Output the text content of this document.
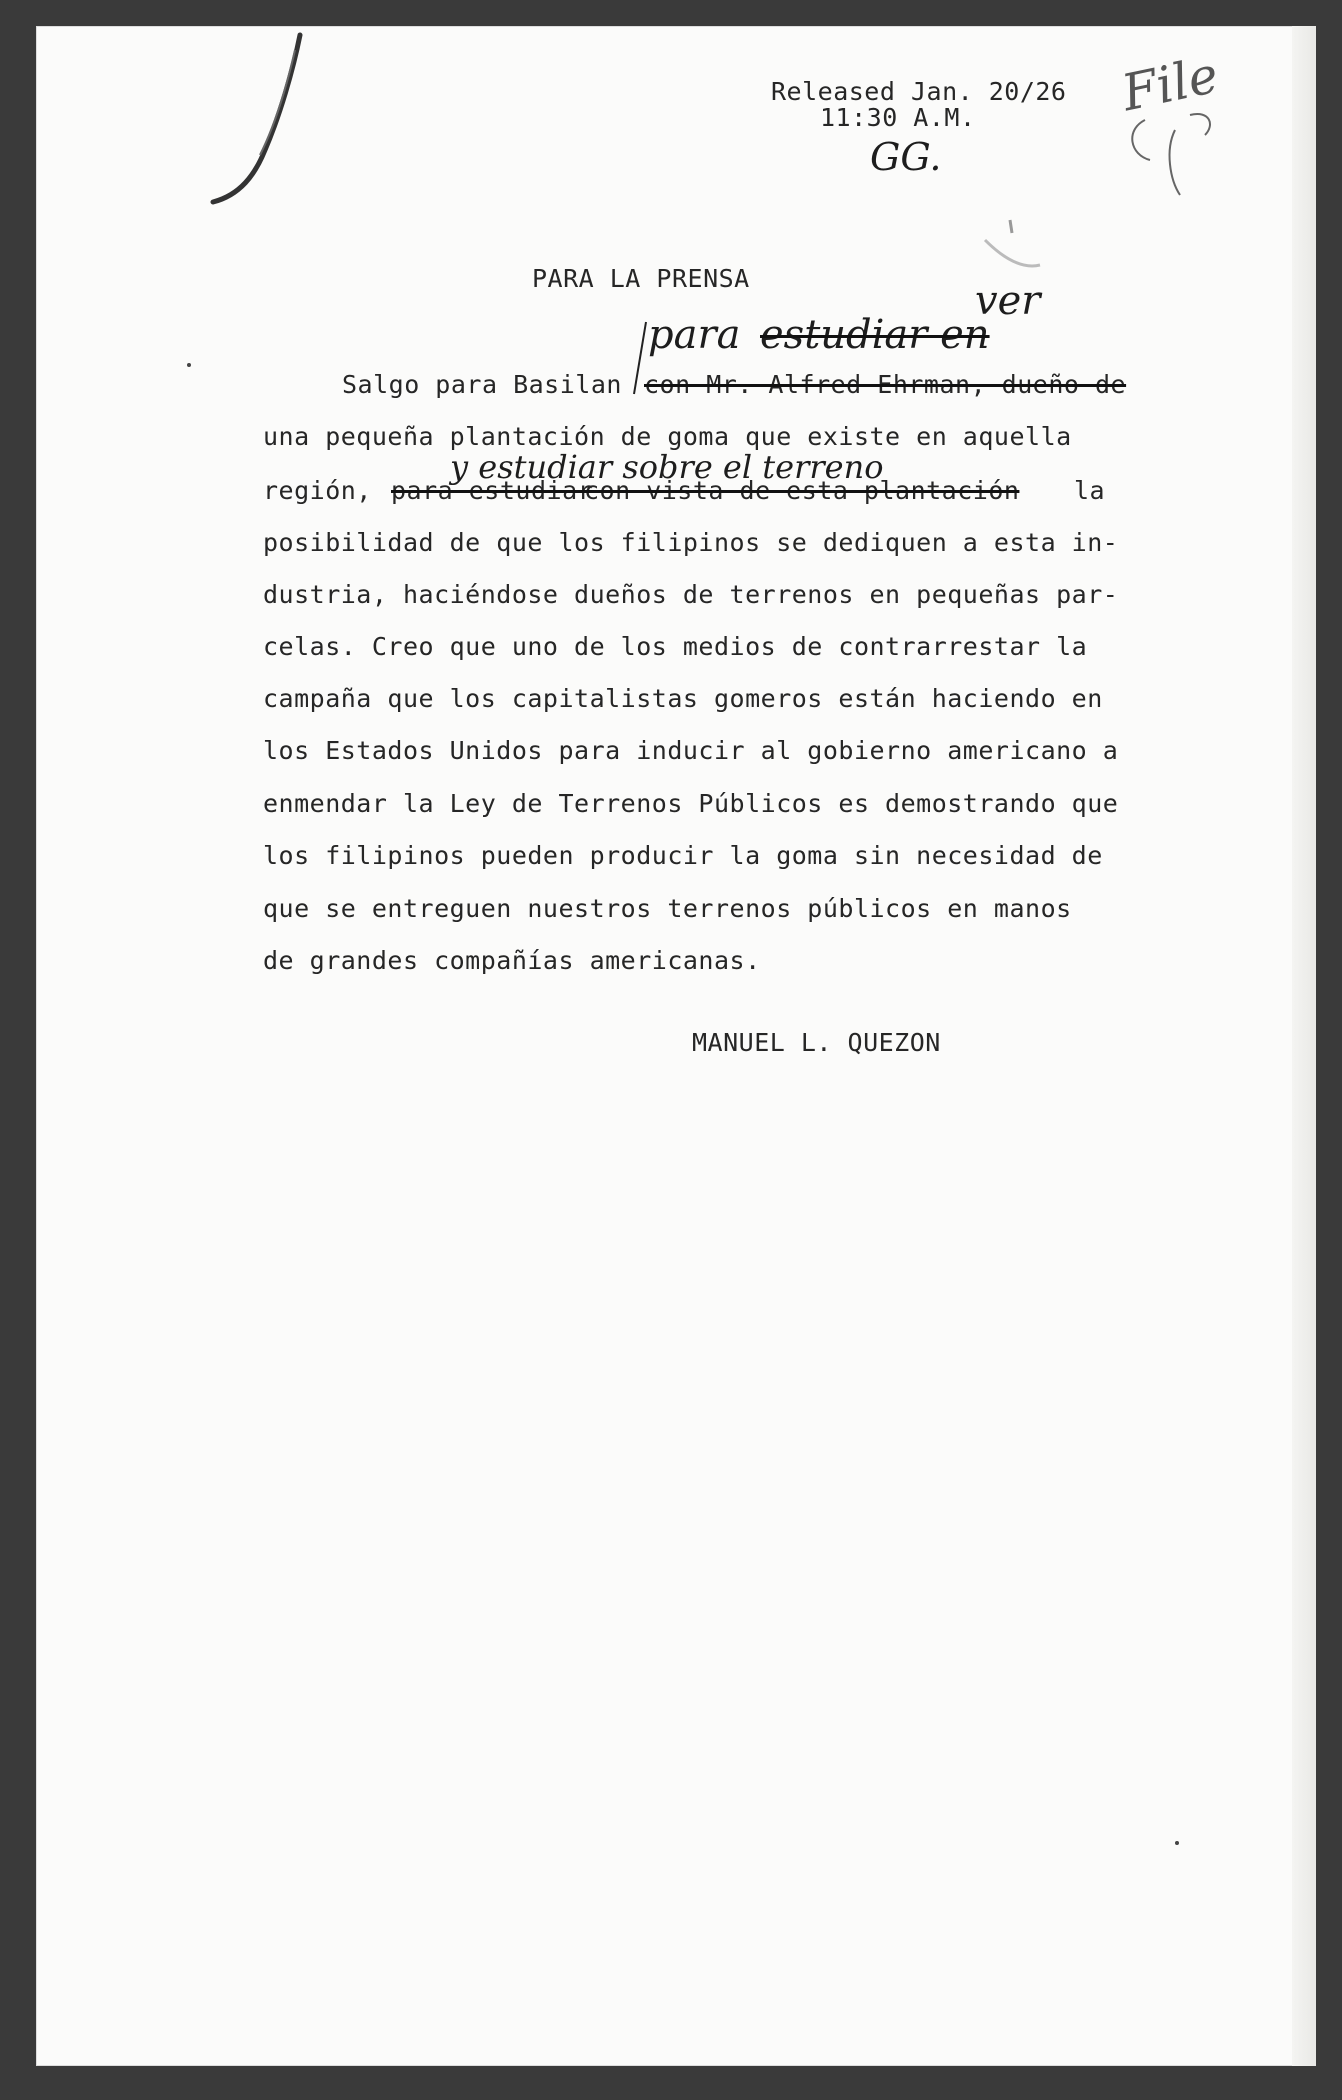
Released Jan. 20/26
11:30 A.M.
GG.
File
PARA LA PRENSA
para estudiar en
ver
Salgo para Basilan con Mr. Alfred Ehrman, dueño de
una pequeña plantación de goma que existe en aquella
y estudiar sobre el terreno
región, para estudiar
con vista de esta plantación la
posibilidad de que los filipinos se dediquen a esta in-
dustria, haciéndose dueños de terrenos en pequeñas par-
celas. Creo que uno de los medios de contrarrestar la
campaña que los capitalistas gomeros están haciendo en
los Estados Unidos para inducir al gobierno americano a
enmendar la Ley de Terrenos Públicos es demostrando que
los filipinos pueden producir la goma sin necesidad de
que se entreguen nuestros terrenos públicos en manos
de grandes compañías americanas.
MANUEL L. QUEZON
